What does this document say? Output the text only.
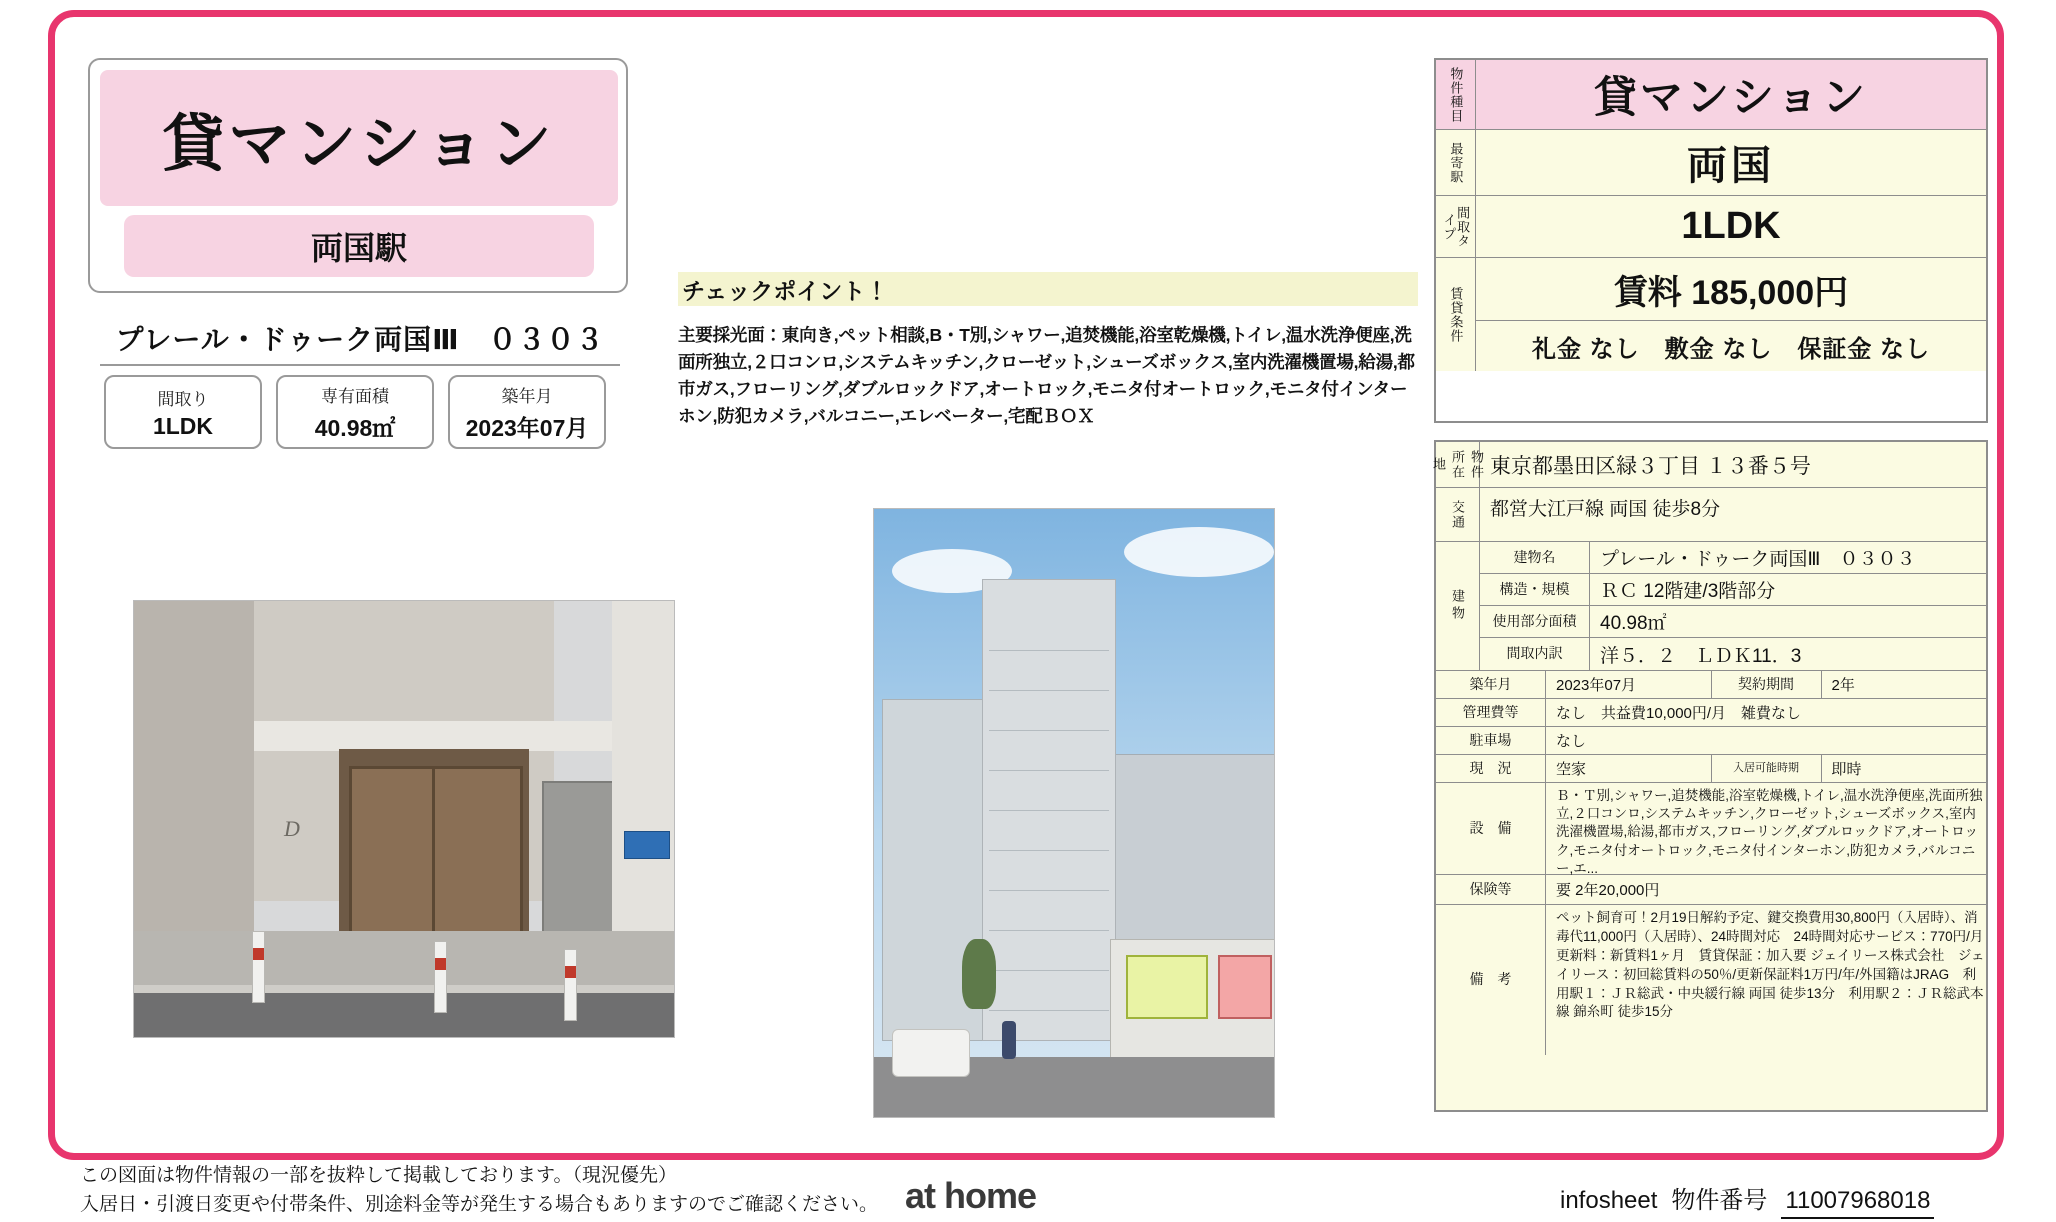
貸マンション
両国駅
プレール・ドゥーク両国Ⅲ　０３０３
間取り
1LDK
専有面積
40.98㎡
築年月
2023年07月
チェックポイント！
主要採光面：東向き,ペット相談,B・T別,シャワー,追焚機能,浴室乾燥機,トイレ,温水洗浄便座,洗面所独立,２口コンロ,システムキッチン,クローゼット,シューズボックス,室内洗濯機置場,給湯,都市ガス,フローリング,ダブルロックドア,オートロック,モニタ付オートロック,モニタ付インターホン,防犯カメラ,バルコニー,エレベーター,宅配ＢＯＸ
D
物件種目	貸マンション
最寄駅	両国
間取タイプ	1LDK
賃貸条件	賃料 185,000円
礼金 なし　敷金 なし　保証金 なし
物件所在地	東京都墨田区緑３丁目 １３番５号
交通	都営大江戸線 両国 徒歩8分
建物
建物名	プレール・ドゥーク両国Ⅲ　０３０３
構造・規模	ＲＣ 12階建/3階部分
使用部分面積	40.98㎡
間取内訳	洋５．２　ＬＤＫ11．3
築年月	2023年07月	契約期間	2年
管理費等	なし　共益費10,000円/月　雑費なし
駐車場	なし
現　況	空家	入居可能時期	即時
設　備
Ｂ・Ｔ別,シャワー,追焚機能,浴室乾燥機,トイレ,温水洗浄便座,洗面所独立,２口コンロ,システムキッチン,クローゼット,シューズボックス,室内洗濯機置場,給湯,都市ガス,フローリング,ダブルロックドア,オートロック,モニタ付オートロック,モニタ付インターホン,防犯カメラ,バルコニー,エ...
保険等	要 2年20,000円
備　考
ペット飼育可！2月19日解約予定、鍵交換費用30,800円（入居時）、消毒代11,000円（入居時）、24時間対応　24時間対応サービス：770円/月　更新料：新賃料1ヶ月　賃貸保証：加入要 ジェイリース株式会社　ジェイリース：初回総賃料の50％/更新保証料1万円/年/外国籍はJRAG　利用駅１：ＪＲ総武・中央緩行線 両国 徒歩13分　利用駅２：ＪＲ総武本線 錦糸町 徒歩15分
この図面は物件情報の一部を抜粋して掲載しております。（現況優先）
入居日・引渡日変更や付帯条件、別途料金等が発生する場合もありますのでご確認ください。 at home	infosheet 物件番号 11007968018
